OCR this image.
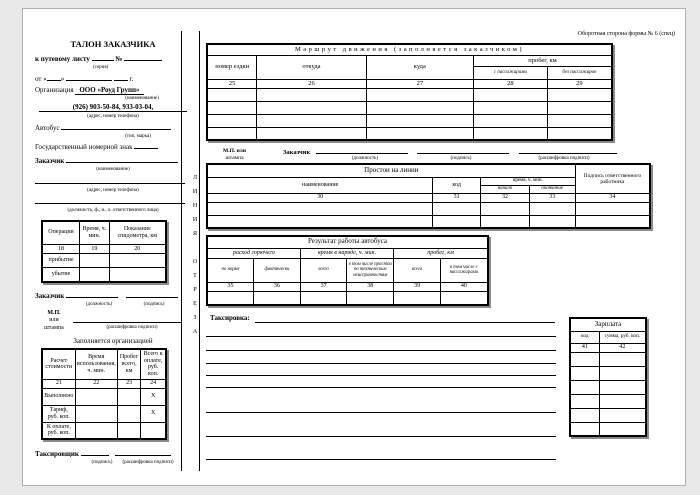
ТАЛОН ЗАКАЗЧИКА
к путевому листу	№
(серия)
от « »	г.
Организация ООО «Роуд Групп»
(наименование)
(926) 903-50-84, 933-03-04,
(адрес, номер телефона)
Автобус
(тип, марка)
Государственный номерной знак
Заказчик
(наименование)
(адрес, номер телефона)
(должность, ф., и., о. ответственного лица)
Операции	Время, ч. мин.	Показание спидометра, км
18	19	20
прибытие		
убытие		
Заказчик
(должность)	(подпись)
М.П.
или
штампа	(расшифровка подписи)
Заполняется организацией
Расчет стоимости	Время использования, ч. мин.	Пробег всего, км	Всего к оплате, руб. коп.
21	22	23	24
Выполнено			X
Тариф, руб. коп.			X
К оплате, руб. коп.			
Таксировщик
(подпись)	(расшифровка подписи)
ЛИНИЯ ОТРЕЗА
Оборотная сторона формы № 6 (спец)
Маршрут движения (заполняется заказчиком)				
номер ездки	откуда	куда	пробег, км	
			с пассажирами	без пассажиров
25	26	27	28	29

М.П. или
штампа
Заказчик
(должность)	(подпись)	(расшифровка подписи)
Простои на линии				Подпись ответственного работника
наименование	код	время, ч. мин.		
		начало	окончание	
30	31	32	33	34

Результат работы автобуса					
расход горючего		время в наряде, ч. мин.		пробег, км	
по норме	фактически	всего	в том числе простои по техническим неисправностям	всего	в том числе с пассажирами
35	36	37	38	39	40

Таксировка:
Зарплата	
код	сумма, руб. коп.
41	42
